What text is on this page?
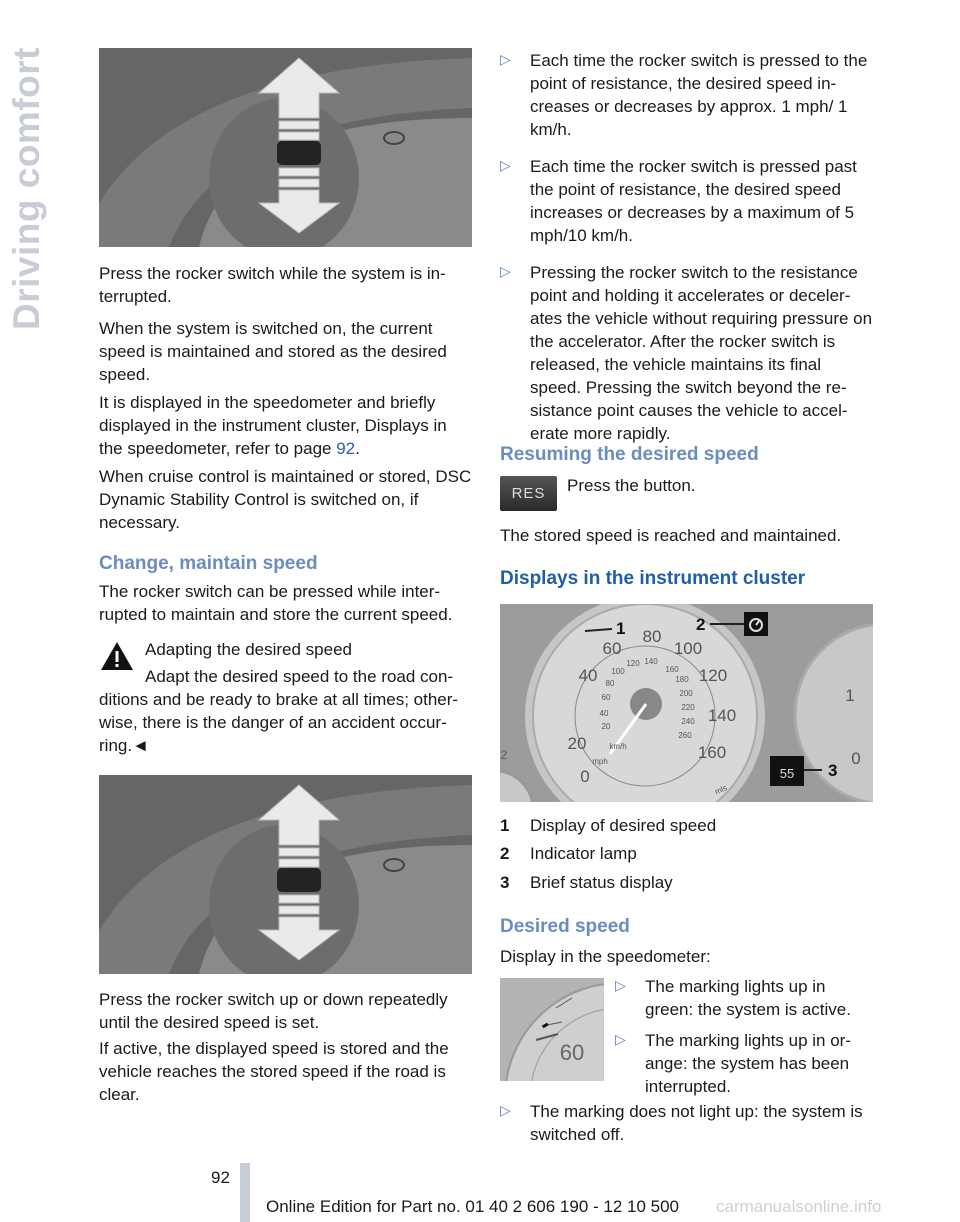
Driving comfort	Press the rocker switch while the system is in-terrupted.

When the system is switched on, the current speed is maintained and stored as the desired speed.

It is displayed in the speedometer and briefly displayed in the instrument cluster, Displays in the speedometer, refer to page 92.

When cruise control is maintained or stored, DSC Dynamic Stability Control is switched on, if necessary.

Change, maintain speed

The rocker switch can be pressed while inter-rupted to maintain and store the current speed.

Adapting the desired speed

Adapt the desired speed to the road con-

ditions and be ready to brake at all times; other-wise, there is the danger of an accident occur-ring.◄

Press the rocker switch up or down repeatedly until the desired speed is set.

If active, the displayed speed is stored and the vehicle reaches the stored speed if the road is clear.

▷	Each time the rocker switch is pressed to the point of resistance, the desired speed in-creases or decreases by approx. 1 mph/ 1 km/h.
▷	Each time the rocker switch is pressed past the point of resistance, the desired speed increases or decreases by a maximum of 5 mph/10 km/h.
▷	Pressing the rocker switch to the resistance point and holding it accelerates or deceler-ates the vehicle without requiring pressure on the accelerator. After the rocker switch is released, the vehicle maintains its final speed. Pressing the switch beyond the re-sistance point causes the vehicle to accel-erate more rapidly.
Resuming the desired speed
RES Press the button.

The stored speed is reached and maintained.

Displays in the instrument cluster
20
40
60
80
100
120
140
160
0
1
0
2
20
40
60
80
100
120 140
160
180
200
220
240
260
mph
km/h
mls
1	2
55 3
1	Display of desired speed
2	Indicator lamp
3	Brief status display
Desired speed

Display in the speedometer:

60
▷	The marking lights up in green: the system is active.
▷	The marking lights up in or-ange: the system has been interrupted.
▷	The marking does not light up: the system is switched off.
92
Online Edition for Part no. 01 40 2 606 190 - 12 10 500 carmanualsonline.info
